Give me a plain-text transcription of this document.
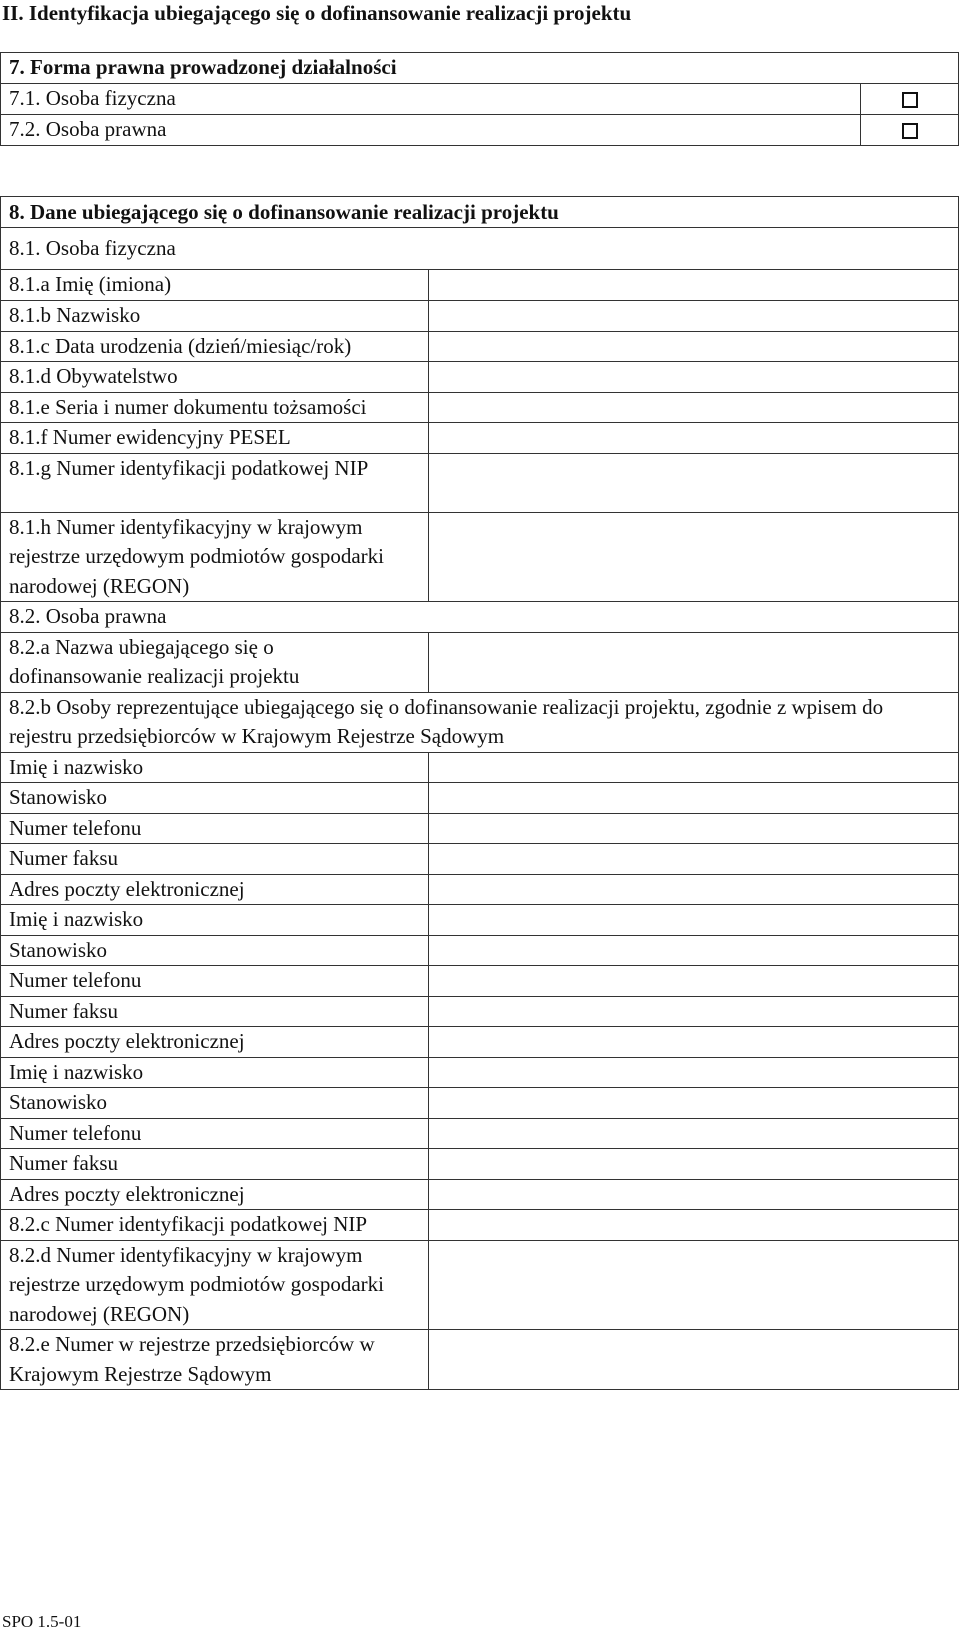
II. Identyfikacja ubiegającego się o dofinansowanie realizacji projektu
7. Forma prawna prowadzonej działalności	
7.1. Osoba fizyczna	
7.2. Osoba prawna	
8. Dane ubiegającego się o dofinansowanie realizacji projektu	
8.1. Osoba fizyczna	
8.1.a Imię (imiona)	
8.1.b Nazwisko	
8.1.c Data urodzenia (dzień/miesiąc/rok)	
8.1.d Obywatelstwo	
8.1.e Seria i numer dokumentu tożsamości	
8.1.f Numer ewidencyjny PESEL	
8.1.g Numer identyfikacji podatkowej NIP	
8.1.h Numer identyfikacyjny w krajowym rejestrze urzędowym podmiotów gospodarki narodowej (REGON)	
8.2. Osoba prawna	
8.2.a Nazwa ubiegającego się o dofinansowanie realizacji projektu	
8.2.b Osoby reprezentujące ubiegającego się o dofinansowanie realizacji projektu, zgodnie z wpisem do rejestru przedsiębiorców w Krajowym Rejestrze Sądowym	
Imię i nazwisko	
Stanowisko	
Numer telefonu	
Numer faksu	
Adres poczty elektronicznej	
Imię i nazwisko	
Stanowisko	
Numer telefonu	
Numer faksu	
Adres poczty elektronicznej	
Imię i nazwisko	
Stanowisko	
Numer telefonu	
Numer faksu	
Adres poczty elektronicznej	
8.2.c Numer identyfikacji podatkowej NIP	
8.2.d Numer identyfikacyjny w krajowym rejestrze urzędowym podmiotów gospodarki narodowej (REGON)	
8.2.e Numer w rejestrze przedsiębiorców w Krajowym Rejestrze Sądowym	
SPO 1.5-01
